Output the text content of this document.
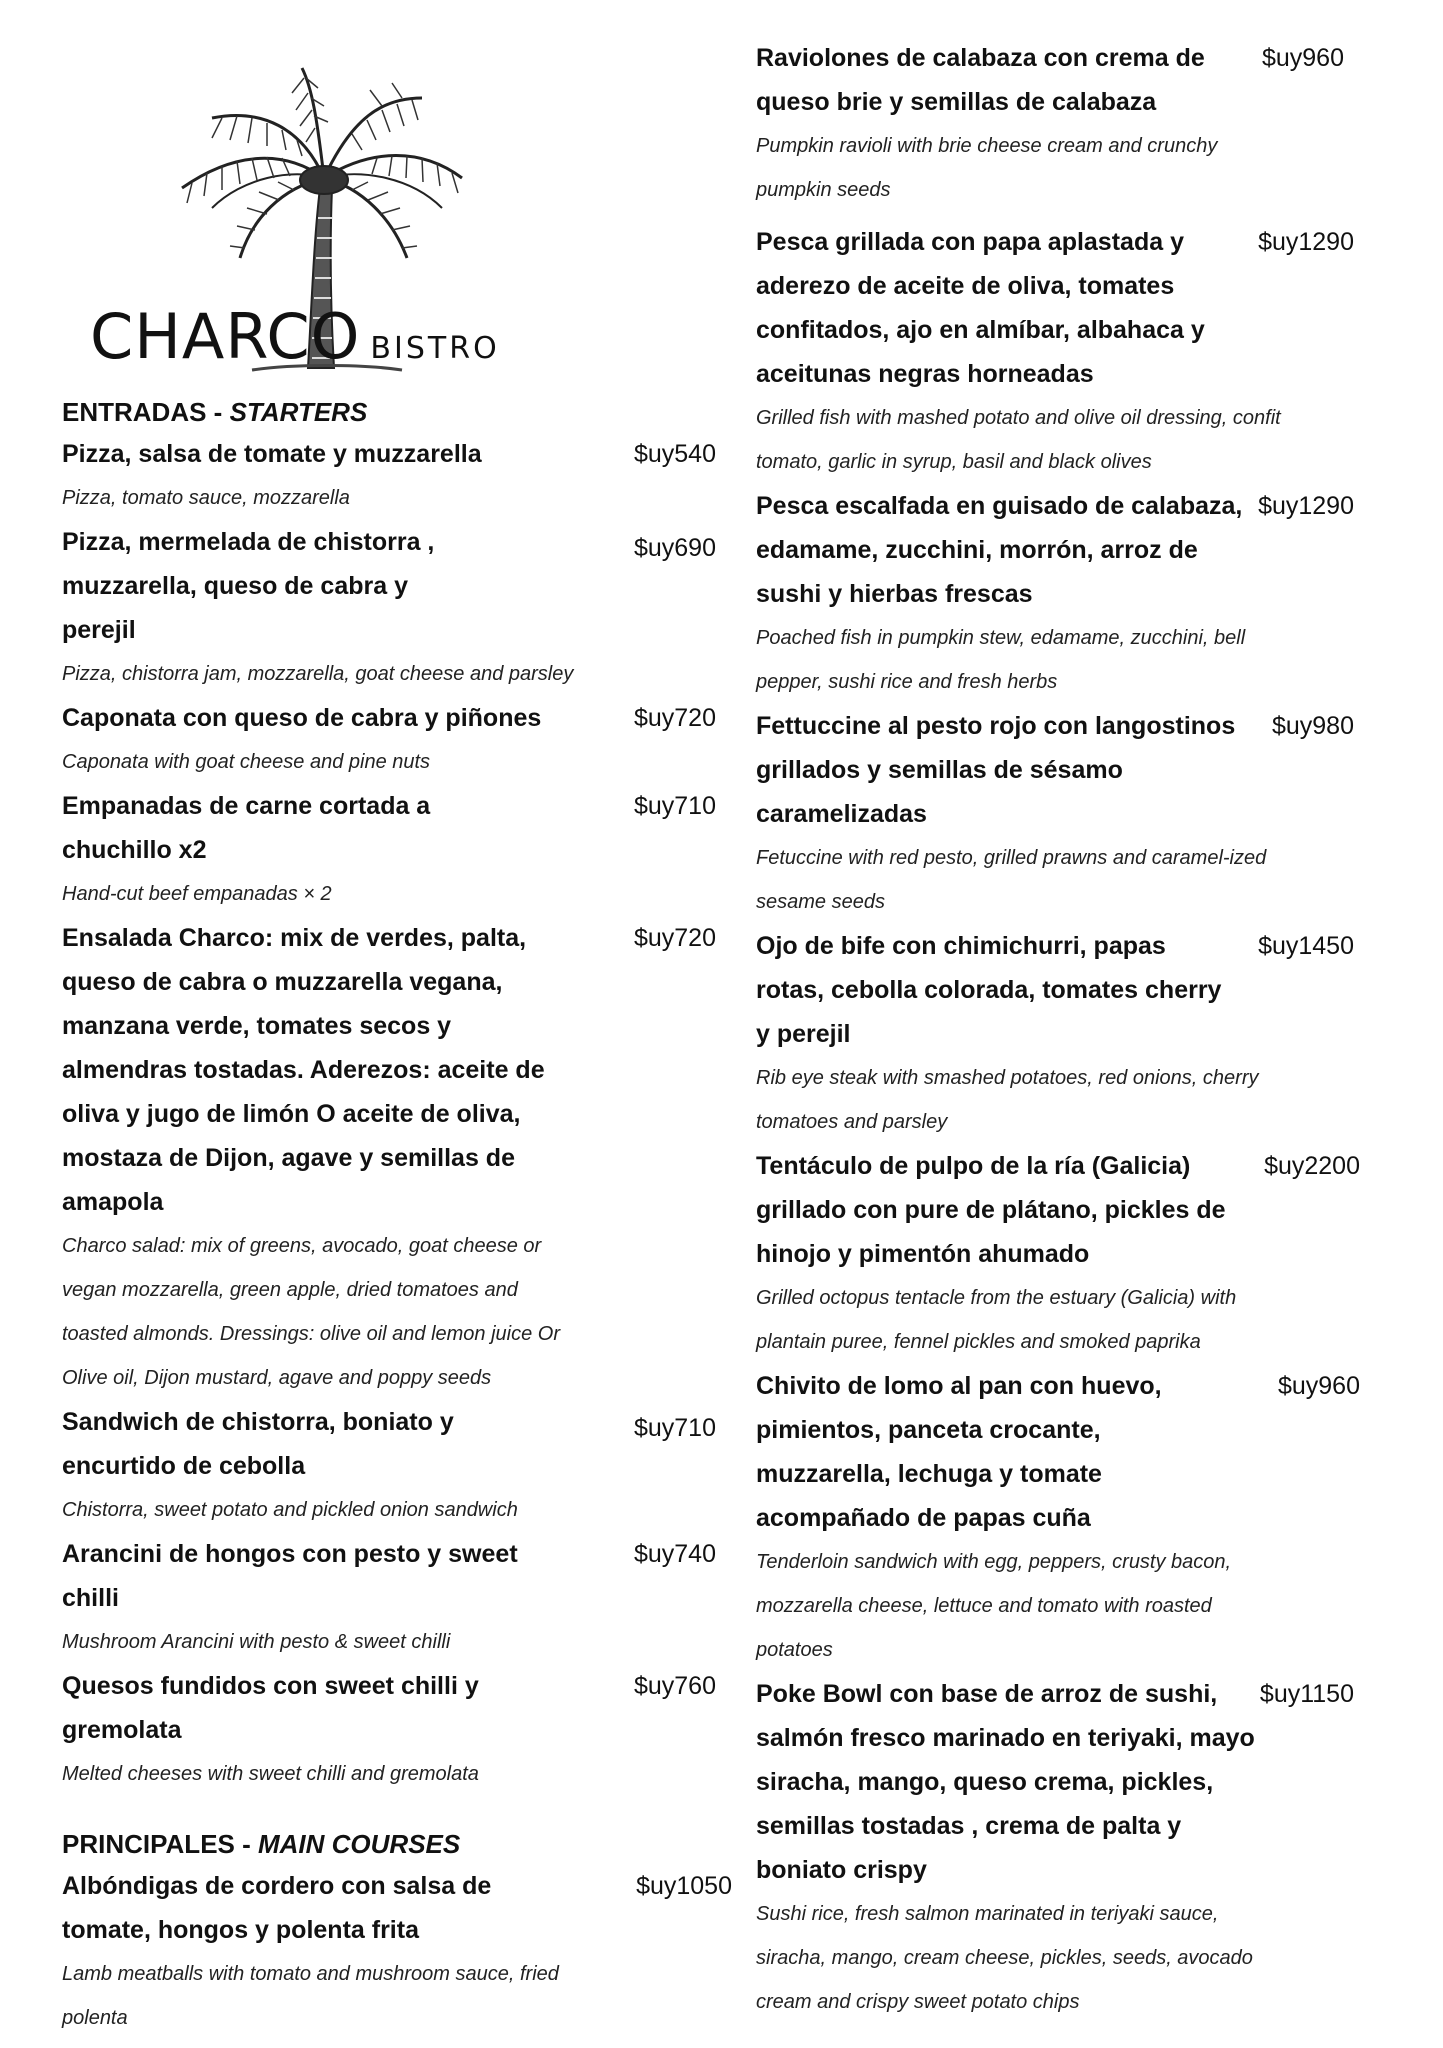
CHARCO BISTRO
ENTRADAS - STARTERS
Pizza, salsa de tomate y muzzarella
Pizza, tomato sauce, mozzarella
$uy540
Pizza, mermelada de chistorra , muzzarella, queso de cabra y perejil
Pizza, chistorra jam, mozzarella, goat cheese and parsley
$uy690
Caponata con queso de cabra y piñones
Caponata with goat cheese and pine nuts
$uy720
Empanadas de carne cortada a chuchillo x2
Hand-cut beef empanadas × 2
$uy710
Ensalada Charco: mix de verdes, palta, queso de cabra o muzzarella vegana, manzana verde, tomates secos y almendras tostadas. Aderezos: aceite de oliva y jugo de limón O aceite de oliva, mostaza de Dijon, agave y semillas de amapola
Charco salad: mix of greens, avocado, goat cheese or vegan mozzarella, green apple, dried tomatoes and toasted almonds. Dressings: olive oil and lemon juice Or Olive oil, Dijon mustard, agave and poppy seeds
$uy720
Sandwich de chistorra, boniato y encurtido de cebolla
Chistorra, sweet potato and pickled onion sandwich
$uy710
Arancini de hongos con pesto y sweet chilli
Mushroom Arancini with pesto & sweet chilli
$uy740
Quesos fundidos con sweet chilli y gremolata
Melted cheeses with sweet chilli and gremolata
$uy760
PRINCIPALES - MAIN COURSES
Albóndigas de cordero con salsa de tomate, hongos y polenta frita
Lamb meatballs with tomato and mushroom sauce, fried polenta
$uy1050
Raviolones de calabaza con crema de queso brie y semillas de calabaza
Pumpkin ravioli with brie cheese cream and crunchy pumpkin seeds
$uy960
Pesca grillada con papa aplastada y aderezo de aceite de oliva, tomates confitados, ajo en almíbar, albahaca y aceitunas negras horneadas
Grilled fish with mashed potato and olive oil dressing, confit tomato, garlic in syrup, basil and black olives
$uy1290
Pesca escalfada en guisado de calabaza, edamame, zucchini, morrón, arroz de sushi y hierbas frescas
Poached fish in pumpkin stew, edamame, zucchini, bell pepper, sushi rice and fresh herbs
$uy1290
Fettuccine al pesto rojo con langostinos grillados y semillas de sésamo caramelizadas
Fetuccine with red pesto, grilled prawns and caramel-ized sesame seeds
$uy980
Ojo de bife con chimichurri, papas rotas, cebolla colorada, tomates cherry y perejil
Rib eye steak with smashed potatoes, red onions, cherry tomatoes and parsley
$uy1450
Tentáculo de pulpo de la ría (Galicia) grillado con pure de plátano, pickles de hinojo y pimentón ahumado
Grilled octopus tentacle from the estuary (Galicia) with plantain puree, fennel pickles and smoked paprika
$uy2200
Chivito de lomo al pan con huevo, pimientos, panceta crocante, muzzarella, lechuga y tomate acompañado de papas cuña
Tenderloin sandwich with egg, peppers, crusty bacon, mozzarella cheese, lettuce and tomato with roasted potatoes
$uy960
Poke Bowl con base de arroz de sushi, salmón fresco marinado en teriyaki, mayo siracha, mango, queso crema, pickles, semillas tostadas , crema de palta y boniato crispy
Sushi rice, fresh salmon marinated in teriyaki sauce, siracha, mango, cream cheese, pickles, seeds, avocado cream and crispy sweet potato chips
$uy1150
